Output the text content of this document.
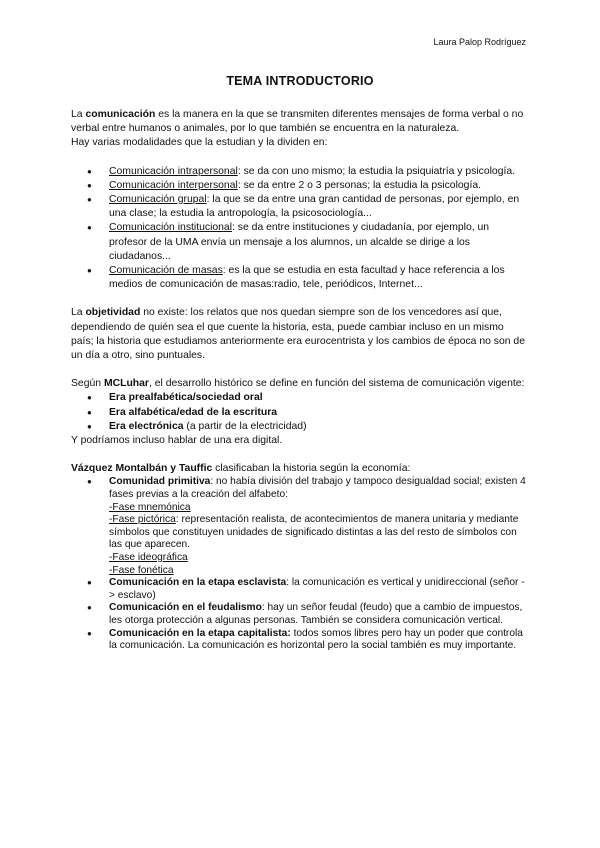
Laura Palop Rodríguez
TEMA INTRODUCTORIO

La comunicación es la manera en la que se transmiten diferentes mensajes de forma verbal o no verbal entre humanos o animales, por lo que también se encuentra en la naturaleza.

Hay varias modalidades que la estudian y la dividen en:

● Comunicación intrapersonal: se da con uno mismo; la estudia la psiquiatría y psicología.
● Comunicación interpersonal: se da entre 2 o 3 personas; la estudia la psicología.
● Comunicación grupal: la que se da entre una gran cantidad de personas, por ejemplo, en una clase; la estudia la antropología, la psicosociología...
● Comunicación institucional: se da entre instituciones y ciudadanía, por ejemplo, un profesor de la UMA envía un mensaje a los alumnos, un alcalde se dirige a los ciudadanos...
● Comunicación de masas: es la que se estudia en esta facultad y hace referencia a los medios de comunicación de masas:radio, tele, periódicos, Internet...

La objetividad no existe: los relatos que nos quedan siempre son de los vencedores así que, dependiendo de quién sea el que cuente la historia, esta, puede cambiar incluso en un mismo país; la historia que estudiamos anteriormente era eurocentrista y los cambios de época no son de un día a otro, sino puntuales.

Según MCLuhar, el desarrollo histórico se define en función del sistema de comunicación vigente:

● Era prealfabética/sociedad oral
● Era alfabética/edad de la escritura
● Era electrónica (a partir de la electricidad)

Y podríamos incluso hablar de una era digital.

Vázquez Montalbán y Tauffic clasificaban la historia según la economía:

● Comunidad primitiva: no había división del trabajo y tampoco desigualdad social; existen 4 fases previas a la creación del alfabeto:
-Fase mnemónica
-Fase pictórica: representación realista, de acontecimientos de manera unitaria y mediante símbolos que constituyen unidades de significado distintas a las del resto de símbolos con las que aparecen.
-Fase ideográfica
-Fase fonética
● Comunicación en la etapa esclavista: la comunicación es vertical y unidireccional (señor -> esclavo)
● Comunicación en el feudalismo: hay un señor feudal (feudo) que a cambio de impuestos, les otorga protección a algunas personas. También se considera comunicación vertical.
● Comunicación en la etapa capitalista: todos somos libres pero hay un poder que controla la comunicación. La comunicación es horizontal pero la social también es muy importante.
